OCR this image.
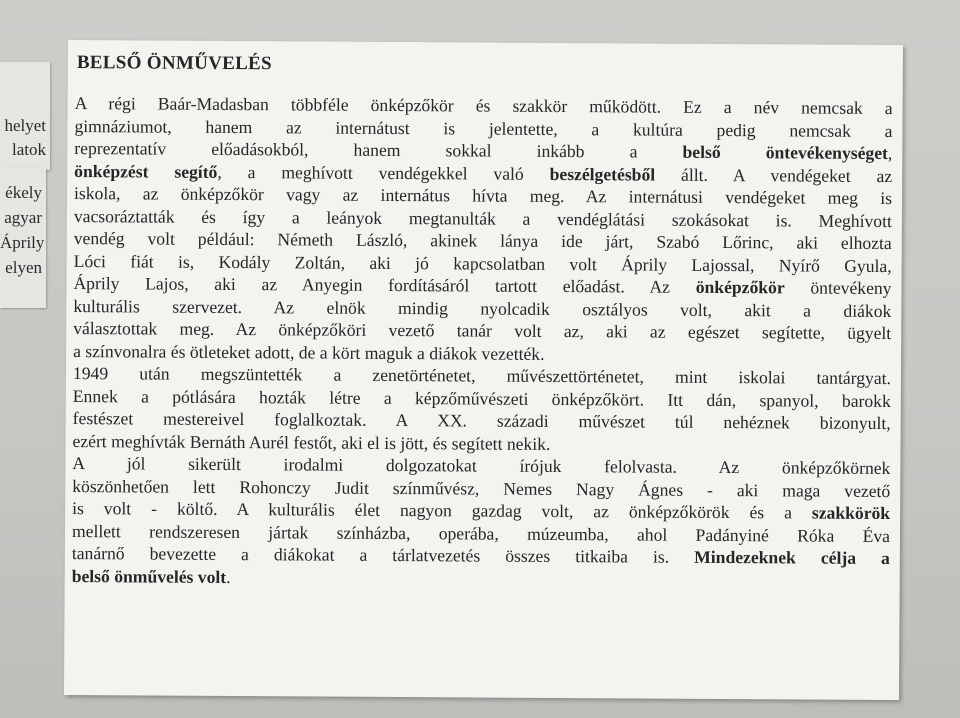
helyet
latok
ékely
agyar
Áprily
elyen
BELSŐ ÖNMŰVELÉS
A régi Baár-Madasban többféle önképzőkör és szakkör működött. Ez a név nemcsak a
gimnáziumot, hanem az internátust is jelentette, a kultúra pedig nemcsak a
reprezentatív előadásokból, hanem sokkal inkább a belső öntevékenységet,
önképzést segítő, a meghívott vendégekkel való beszélgetésből állt. A vendégeket az
iskola, az önképzőkör vagy az internátus hívta meg. Az internátusi vendégeket meg is
vacsoráztatták és így a leányok megtanulták a vendéglátási szokásokat is. Meghívott
vendég volt például: Németh László, akinek lánya ide járt, Szabó Lőrinc, aki elhozta
Lóci fiát is, Kodály Zoltán, aki jó kapcsolatban volt Áprily Lajossal, Nyírő Gyula,
Áprily Lajos, aki az Anyegin fordításáról tartott előadást. Az önképzőkör öntevékeny
kulturális szervezet. Az elnök mindig nyolcadik osztályos volt, akit a diákok
választottak meg. Az önképzőköri vezető tanár volt az, aki az egészet segítette, ügyelt
a színvonalra és ötleteket adott, de a kört maguk a diákok vezették.
1949 után megszüntették a zenetörténetet, művészettörténetet, mint iskolai tantárgyat.
Ennek a pótlására hozták létre a képzőművészeti önképzőkört. Itt dán, spanyol, barokk
festészet mestereivel foglalkoztak. A XX. századi művészet túl nehéznek bizonyult,
ezért meghívták Bernáth Aurél festőt, aki el is jött, és segített nekik.
A jól sikerült irodalmi dolgozatokat írójuk felolvasta. Az önképzőkörnek
köszönhetően lett Rohonczy Judit színművész, Nemes Nagy Ágnes - aki maga vezető
is volt - költő. A kulturális élet nagyon gazdag volt, az önképzőkörök és a szakkörök
mellett rendszeresen jártak színházba, operába, múzeumba, ahol Padányiné Róka Éva
tanárnő bevezette a diákokat a tárlatvezetés összes titkaiba is. Mindezeknek célja a
belső önművelés volt.
